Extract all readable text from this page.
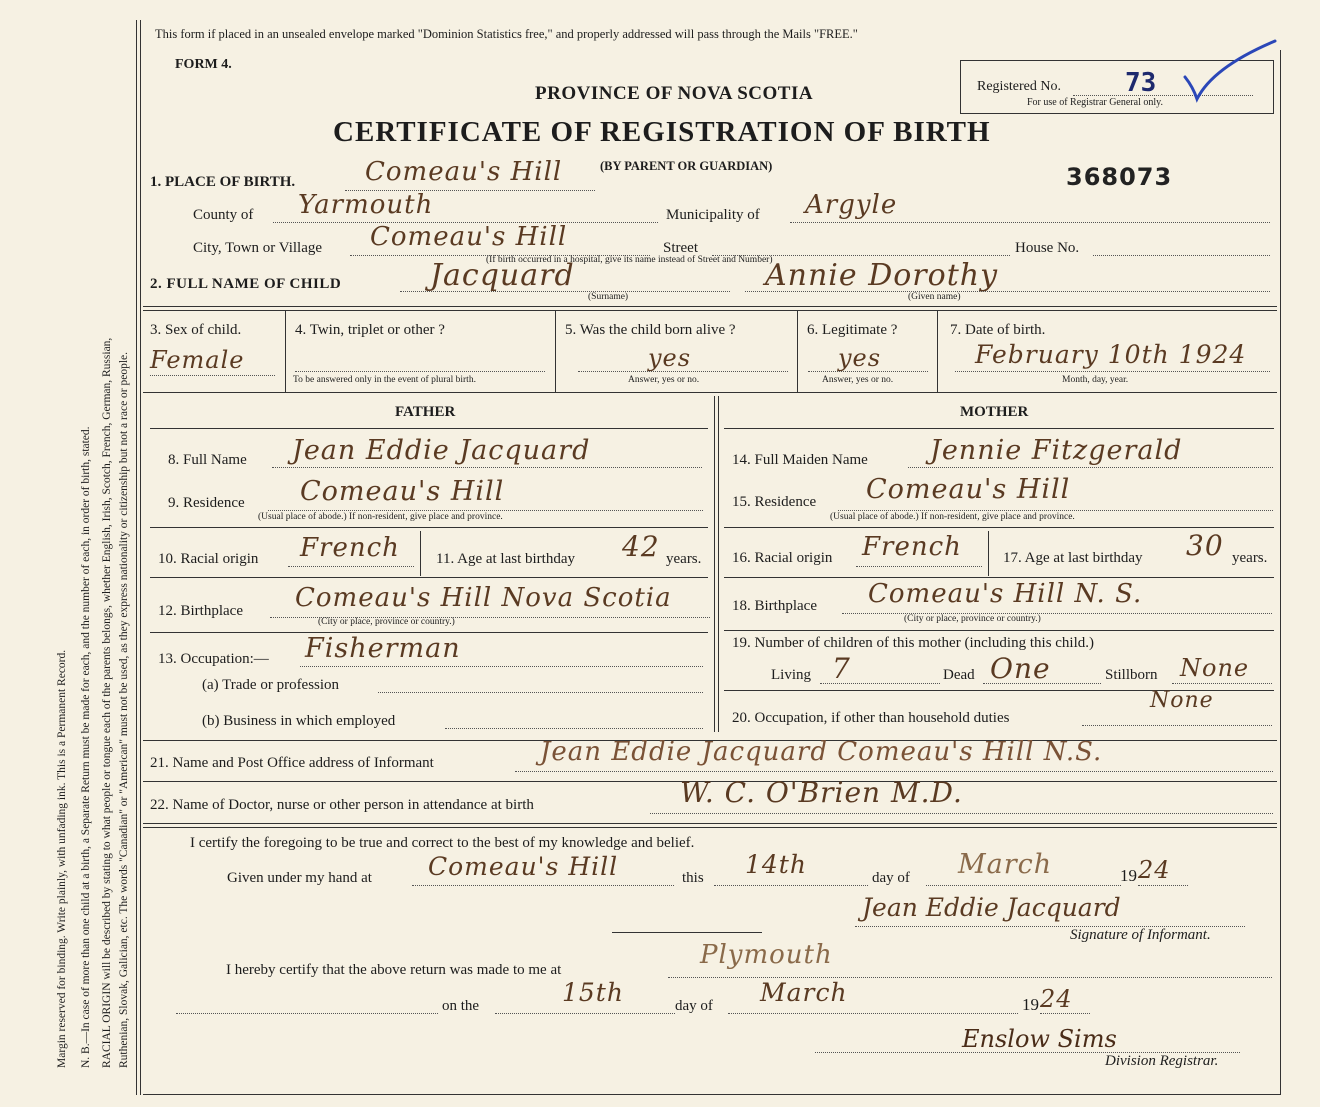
Margin reserved for binding. Write plainly, with unfading ink. This is a Permanent Record. N. B.—In case of more than one child at a birth, a Separate Return must be made for each, and the number of each, in order of birth, stated. RACIAL ORIGIN will be described by stating to what people or tongue each of the parents belongs, whether English, Irish, Scotch, French, German, Russian, Ruthenian, Slovak, Galician, etc. The words "Canadian" or "American" must not be used, as they express nationality or citizenship but not a race or people.
This form if placed in an unsealed envelope marked "Dominion Statistics free," and properly addressed will pass through the Mails "FREE."
FORM 4.
PROVINCE OF NOVA SCOTIA
CERTIFICATE OF REGISTRATION OF BIRTH
(BY PARENT OR GUARDIAN)
Registered No. 73
For use of Registrar General only.
368073
1. PLACE OF BIRTH.	Comeau's Hill
County of Yarmouth	Municipality of Argyle
City, Town or Village Comeau's Hill	Street
(If birth occurred in a hospital, give its name instead of Street and Number)
House No.
2. FULL NAME OF CHILD	Jacquard
(Surname)
Annie Dorothy
(Given name)
3. Sex of child.
Female
4. Twin, triplet or other ?
To be answered only in the event of plural birth.
5. Was the child born alive ?
yes
Answer, yes or no.
6. Legitimate ?
yes
Answer, yes or no.
7. Date of birth.
February 10th 1924
Month, day, year.
FATHER	MOTHER
8. Full Name Jean Eddie Jacquard
9. Residence Comeau's Hill
(Usual place of abode.) If non-resident, give place and province.
10. Racial origin French 11. Age at last birthday 42 years.
12. Birthplace Comeau's Hill Nova Scotia
(City or place, province or country.)
13. Occupation:— Fisherman
(a) Trade or profession
(b) Business in which employed
14. Full Maiden Name Jennie Fitzgerald
15. Residence Comeau's Hill
(Usual place of abode.) If non-resident, give place and province.
16. Racial origin French	17. Age at last birthday 30 years.
18. Birthplace Comeau's Hill N. S.
(City or place, province or country.)
19. Number of children of this mother (including this child.)
Living 7	Dead One	Stillborn None
20. Occupation, if other than household duties
None
21. Name and Post Office address of Informant	Jean Eddie Jacquard Comeau's Hill N.S.
22. Name of Doctor, nurse or other person in attendance at birth	W. C. O'Brien M.D.
I certify the foregoing to be true and correct to the best of my knowledge and belief.
Given under my hand at Comeau's Hill	this 14th	day of March	19 24
Jean Eddie Jacquard
Signature of Informant.
I hereby certify that the above return was made to me at	Plymouth
on the	15th	day of March	19 24
Enslow Sims
Division Registrar.
